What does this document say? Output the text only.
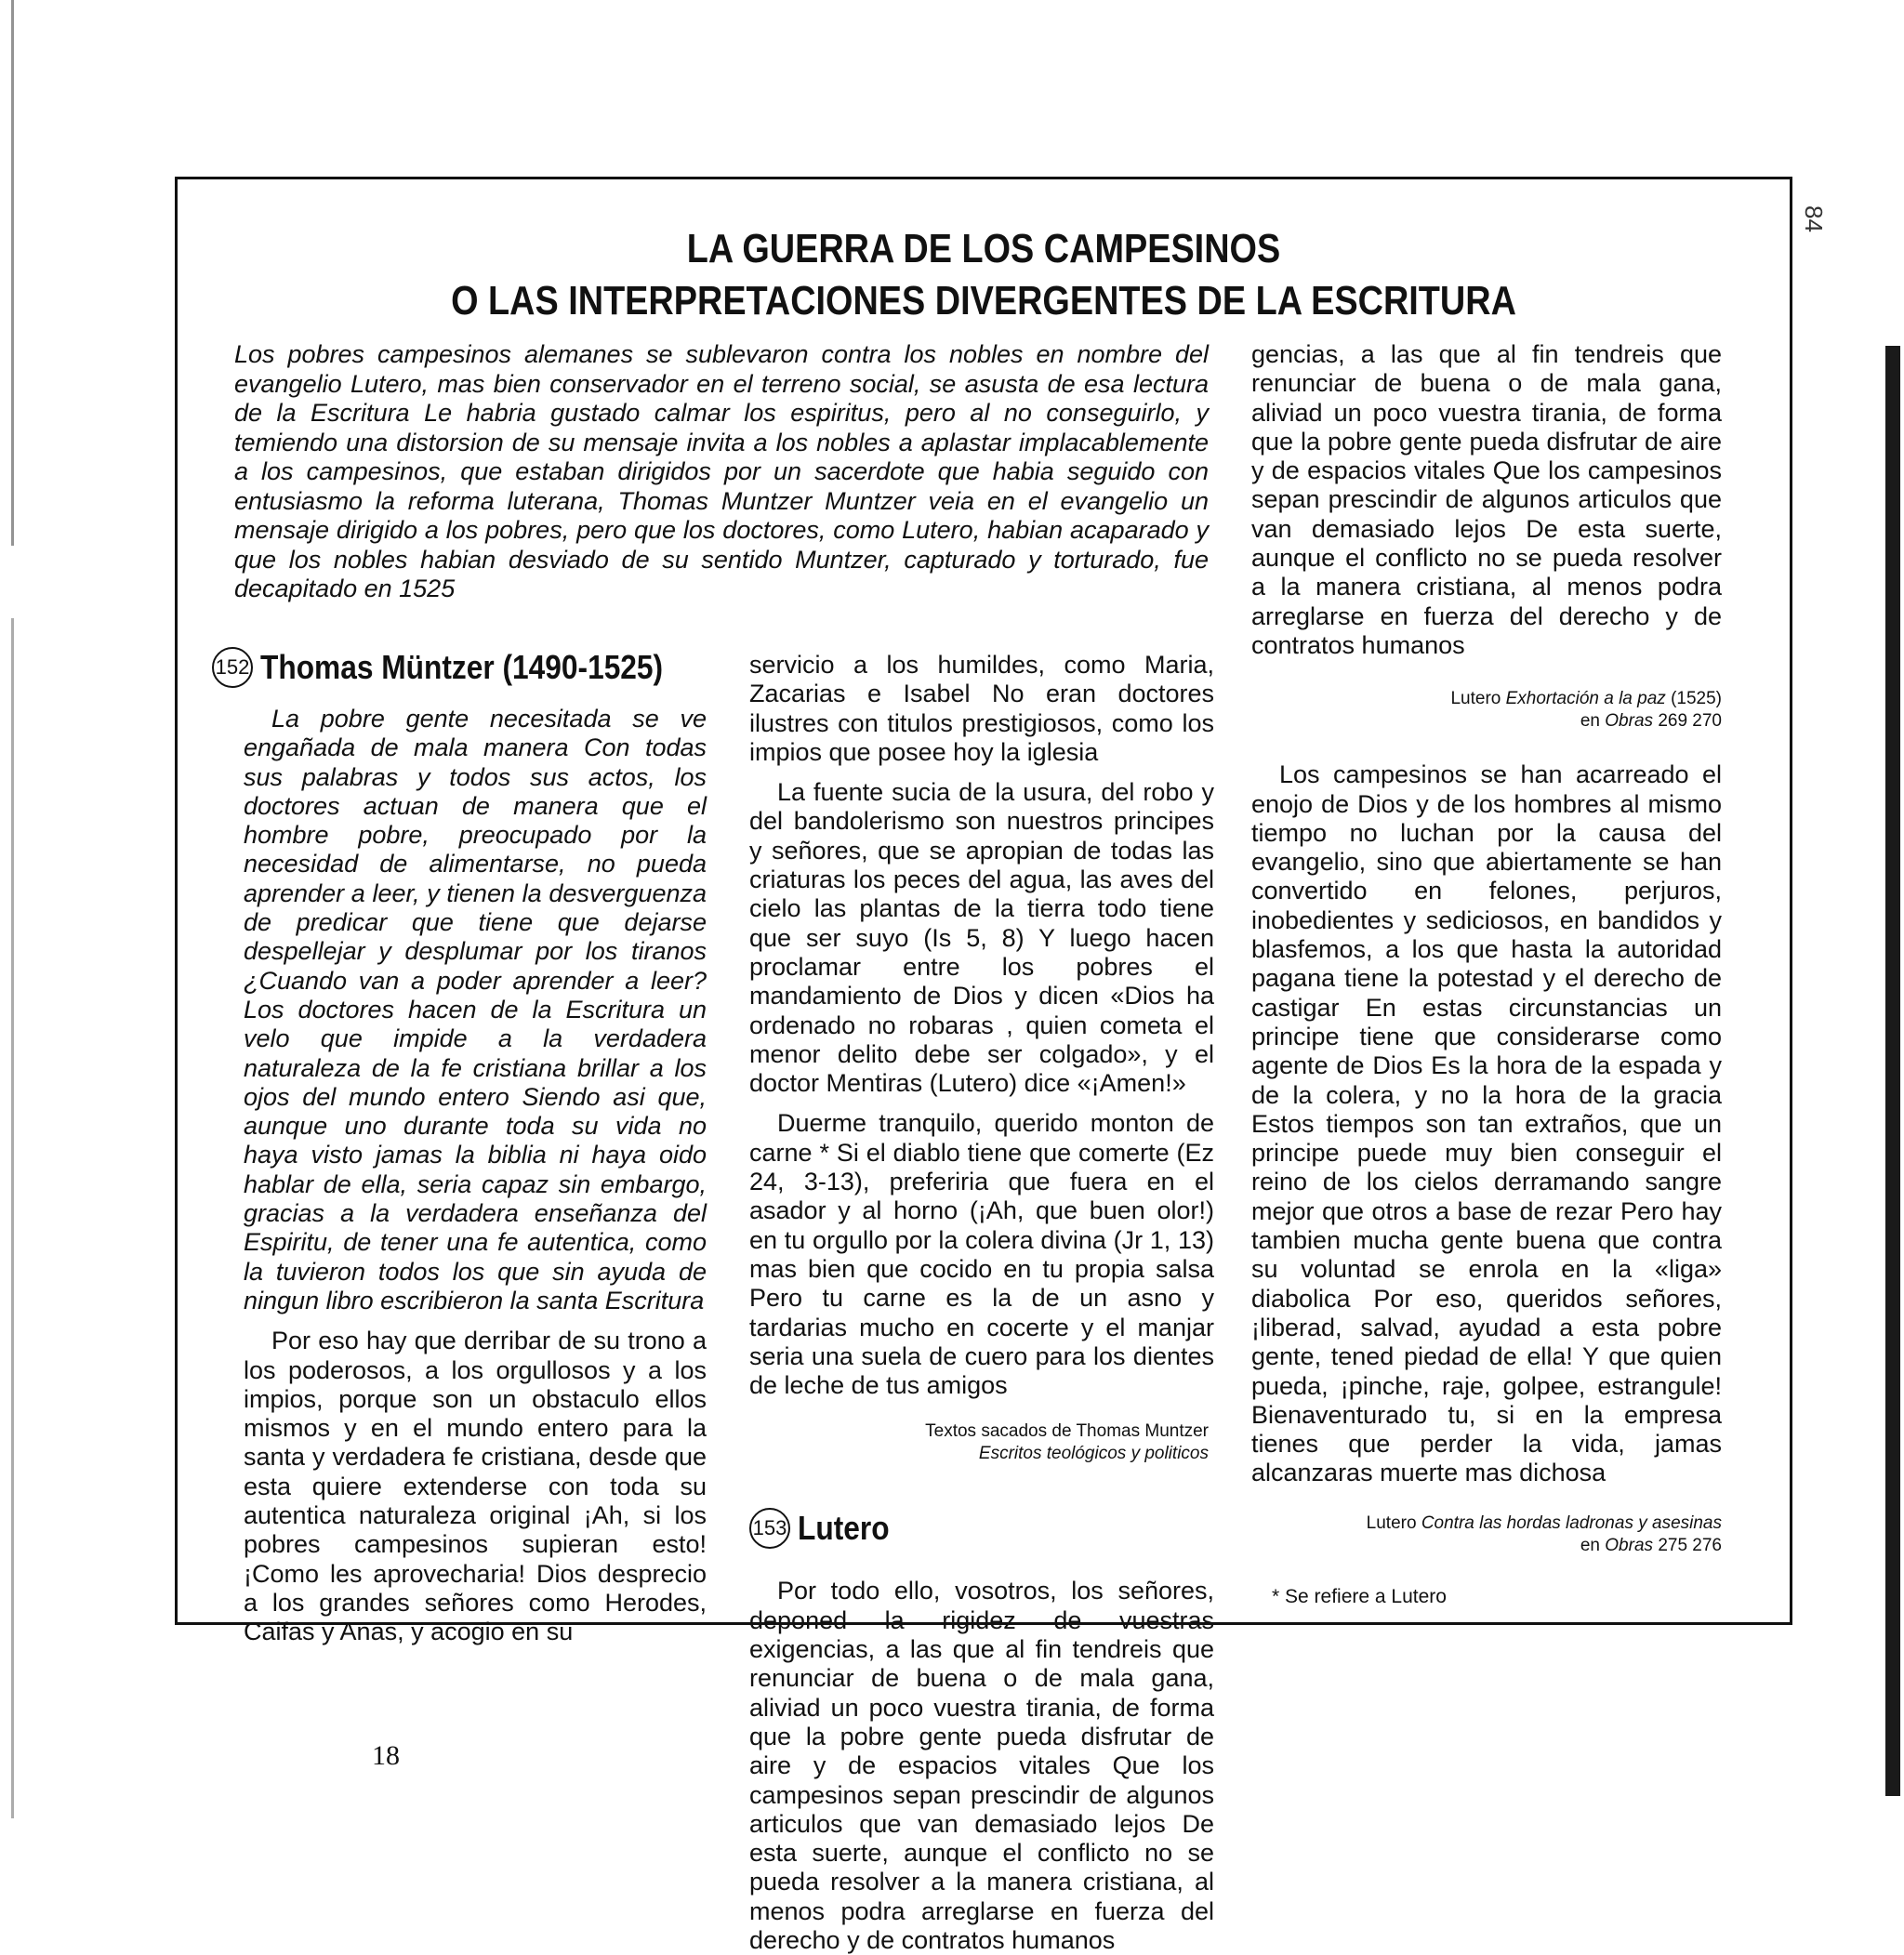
84
LA GUERRA DE LOS CAMPESINOS
O LAS INTERPRETACIONES DIVERGENTES DE LA ESCRITURA

Los pobres campesinos alemanes se sublevaron contra los nobles en nombre del evangelio Lutero, mas bien conservador en el terreno social, se asusta de esa lectura de la Escritura Le habria gustado calmar los espiritus, pero al no conseguirlo, y temiendo una distorsion de su mensaje invita a los nobles a aplastar implacablemente a los campesinos, que estaban dirigidos por un sacerdote que habia seguido con entusiasmo la reforma luterana, Thomas Muntzer Muntzer veia en el evangelio un mensaje dirigido a los pobres, pero que los doctores, como Lutero, habian acaparado y que los nobles habian desviado de su sentido Muntzer, capturado y torturado, fue decapitado en 1525

152 Thomas Müntzer (1490-1525)

La pobre gente necesitada se ve engañada de mala manera Con todas sus palabras y todos sus actos, los doctores actuan de manera que el hombre pobre, preocupado por la necesidad de alimentarse, no pueda aprender a leer, y tienen la desverguenza de predicar que tiene que dejarse despellejar y desplumar por los tiranos ¿Cuando van a poder aprender a leer? Los doctores hacen de la Escritura un velo que impide a la verdadera naturaleza de la fe cristiana brillar a los ojos del mundo entero Siendo asi que, aunque uno durante toda su vida no haya visto jamas la biblia ni haya oido hablar de ella, seria capaz sin embargo, gracias a la verdadera enseñanza del Espiritu, de tener una fe autentica, como la tuvieron todos los que sin ayuda de ningun libro escribieron la santa Escritura

Por eso hay que derribar de su trono a los poderosos, a los orgullosos y a los impios, porque son un obstaculo ellos mismos y en el mundo entero para la santa y verdadera fe cristiana, desde que esta quiere extenderse con toda su autentica naturaleza original ¡Ah, si los pobres campesinos supieran esto! ¡Como les aprovecharia! Dios desprecio a los grandes señores como Herodes, Caifas y Anas, y acogio en su

servicio a los humildes, como Maria, Zacarias e Isabel No eran doctores ilustres con titulos prestigiosos, como los impios que posee hoy la iglesia

La fuente sucia de la usura, del robo y del bandolerismo son nuestros principes y señores, que se apropian de todas las criaturas los peces del agua, las aves del cielo las plantas de la tierra todo tiene que ser suyo (Is 5, 8) Y luego hacen proclamar entre los pobres el mandamiento de Dios y dicen «Dios ha ordenado no robaras , quien cometa el menor delito debe ser colgado», y el doctor Mentiras (Lutero) dice «¡Amen!»

Duerme tranquilo, querido monton de carne * Si el diablo tiene que comerte (Ez 24, 3-13), preferiria que fuera en el asador y al horno (¡Ah, que buen olor!) en tu orgullo por la colera divina (Jr 1, 13) mas bien que cocido en tu propia salsa Pero tu carne es la de un asno y tardarias mucho en cocerte y el manjar seria una suela de cuero para los dientes de leche de tus amigos

Textos sacados de Thomas Muntzer
Escritos teológicos y politicos
153 Lutero

Por todo ello, vosotros, los señores, deponed la rigidez de vuestras exigencias, a las que al fin tendreis que renunciar de buena o de mala gana, aliviad un poco vuestra tirania, de forma que la pobre gente pueda disfrutar de aire y de espacios vitales Que los campesinos sepan prescindir de algunos articulos que van demasiado lejos De esta suerte, aunque el conflicto no se pueda resolver a la manera cristiana, al menos podra arreglarse en fuerza del derecho y de contratos humanos

gencias, a las que al fin tendreis que renunciar de buena o de mala gana, aliviad un poco vuestra tirania, de forma que la pobre gente pueda disfrutar de aire y de espacios vitales Que los campesinos sepan prescindir de algunos articulos que van demasiado lejos De esta suerte, aunque el conflicto no se pueda resolver a la manera cristiana, al menos podra arreglarse en fuerza del derecho y de contratos humanos

Lutero Exhortación a la paz (1525)
en Obras 269 270

Los campesinos se han acarreado el enojo de Dios y de los hombres al mismo tiempo no luchan por la causa del evangelio, sino que abiertamente se han convertido en felones, perjuros, inobedientes y sediciosos, en bandidos y blasfemos, a los que hasta la autoridad pagana tiene la potestad y el derecho de castigar En estas circunstancias un principe tiene que considerarse como agente de Dios Es la hora de la espada y de la colera, y no la hora de la gracia Estos tiempos son tan extraños, que un principe puede muy bien conseguir el reino de los cielos derramando sangre mejor que otros a base de rezar Pero hay tambien mucha gente buena que contra su voluntad se enrola en la «liga» diabolica Por eso, queridos señores, ¡liberad, salvad, ayudad a esta pobre gente, tened piedad de ella! Y que quien pueda, ¡pinche, raje, golpee, estrangule! Bienaventurado tu, si en la empresa tienes que perder la vida, jamas alcanzaras muerte mas dichosa

Lutero Contra las hordas ladronas y asesinas
en Obras 275 276
* Se refiere a Lutero
18
